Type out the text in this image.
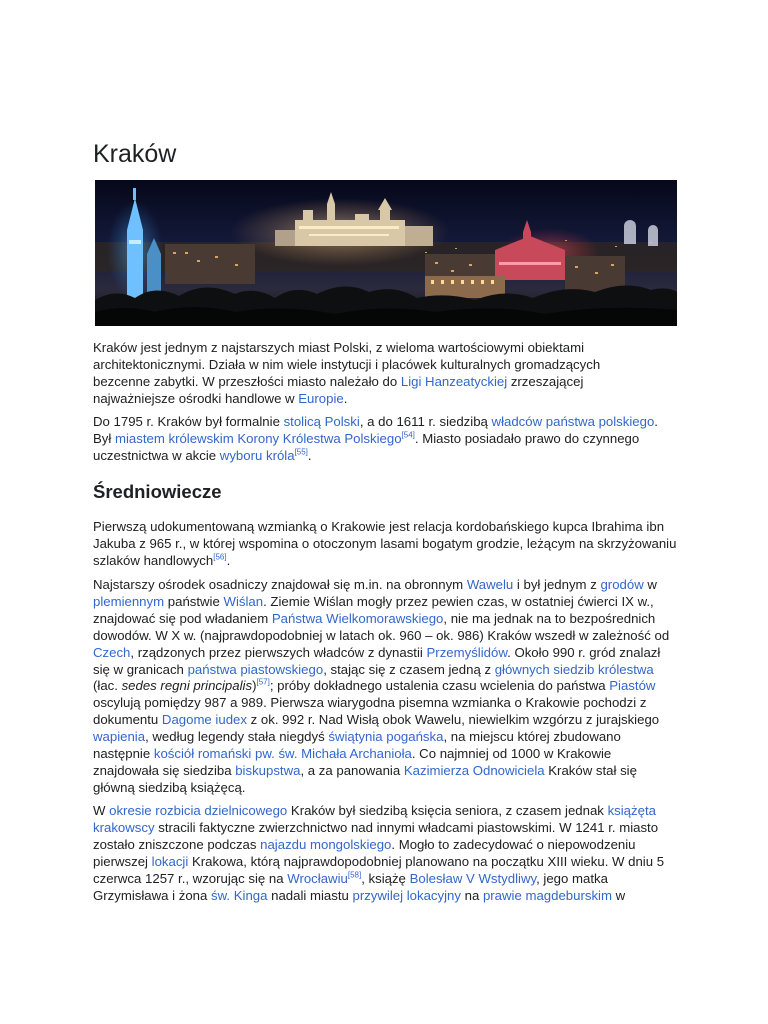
Kraków

Kraków jest jednym z najstarszych miast Polski, z wieloma wartościowymi obiektami architektonicznymi. Działa w nim wiele instytucji i placówek kulturalnych gromadzących bezcenne zabytki. W przeszłości miasto należało do Ligi Hanzeatyckiej zrzeszającej najważniejsze ośrodki handlowe w Europie.

Do 1795 r. Kraków był formalnie stolicą Polski, a do 1611 r. siedzibą władców państwa polskiego. Był miastem królewskim Korony Królestwa Polskiego[54]. Miasto posiadało prawo do czynnego uczestnictwa w akcie wyboru króla[55].

Średniowiecze

Pierwszą udokumentowaną wzmianką o Krakowie jest relacja kordobańskiego kupca Ibrahima ibn Jakuba z 965 r., w której wspomina o otoczonym lasami bogatym grodzie, leżącym na skrzyżowaniu szlaków handlowych[56].

Najstarszy ośrodek osadniczy znajdował się m.in. na obronnym Wawelu i był jednym z grodów w plemiennym państwie Wiślan. Ziemie Wiślan mogły przez pewien czas, w ostatniej ćwierci IX w., znajdować się pod władaniem Państwa Wielkomorawskiego, nie ma jednak na to bezpośrednich dowodów. W X w. (najprawdopodobniej w latach ok. 960 – ok. 986) Kraków wszedł w zależność od Czech, rządzonych przez pierwszych władców z dynastii Przemyślidów. Około 990 r. gród znalazł się w granicach państwa piastowskiego, stając się z czasem jedną z głównych siedzib królestwa (łac. sedes regni principalis)[57]; próby dokładnego ustalenia czasu wcielenia do państwa Piastów oscylują pomiędzy 987 a 989. Pierwsza wiarygodna pisemna wzmianka o Krakowie pochodzi z dokumentu Dagome iudex z ok. 992 r. Nad Wisłą obok Wawelu, niewielkim wzgórzu z jurajskiego wapienia, według legendy stała niegdyś świątynia pogańska, na miejscu której zbudowano następnie kościół romański pw. św. Michała Archanioła. Co najmniej od 1000 w Krakowie znajdowała się siedziba biskupstwa, a za panowania Kazimierza Odnowiciela Kraków stał się główną siedzibą książęcą.

W okresie rozbicia dzielnicowego Kraków był siedzibą księcia seniora, z czasem jednak książęta krakowscy stracili faktyczne zwierzchnictwo nad innymi władcami piastowskimi. W 1241 r. miasto zostało zniszczone podczas najazdu mongolskiego. Mogło to zadecydować o niepowodzeniu pierwszej lokacji Krakowa, którą najprawdopodobniej planowano na początku XIII wieku. W dniu 5 czerwca 1257 r., wzorując się na Wrocławiu[58], książę Bolesław V Wstydliwy, jego matka Grzymisława i żona św. Kinga nadali miastu przywilej lokacyjny na prawie magdeburskim w
